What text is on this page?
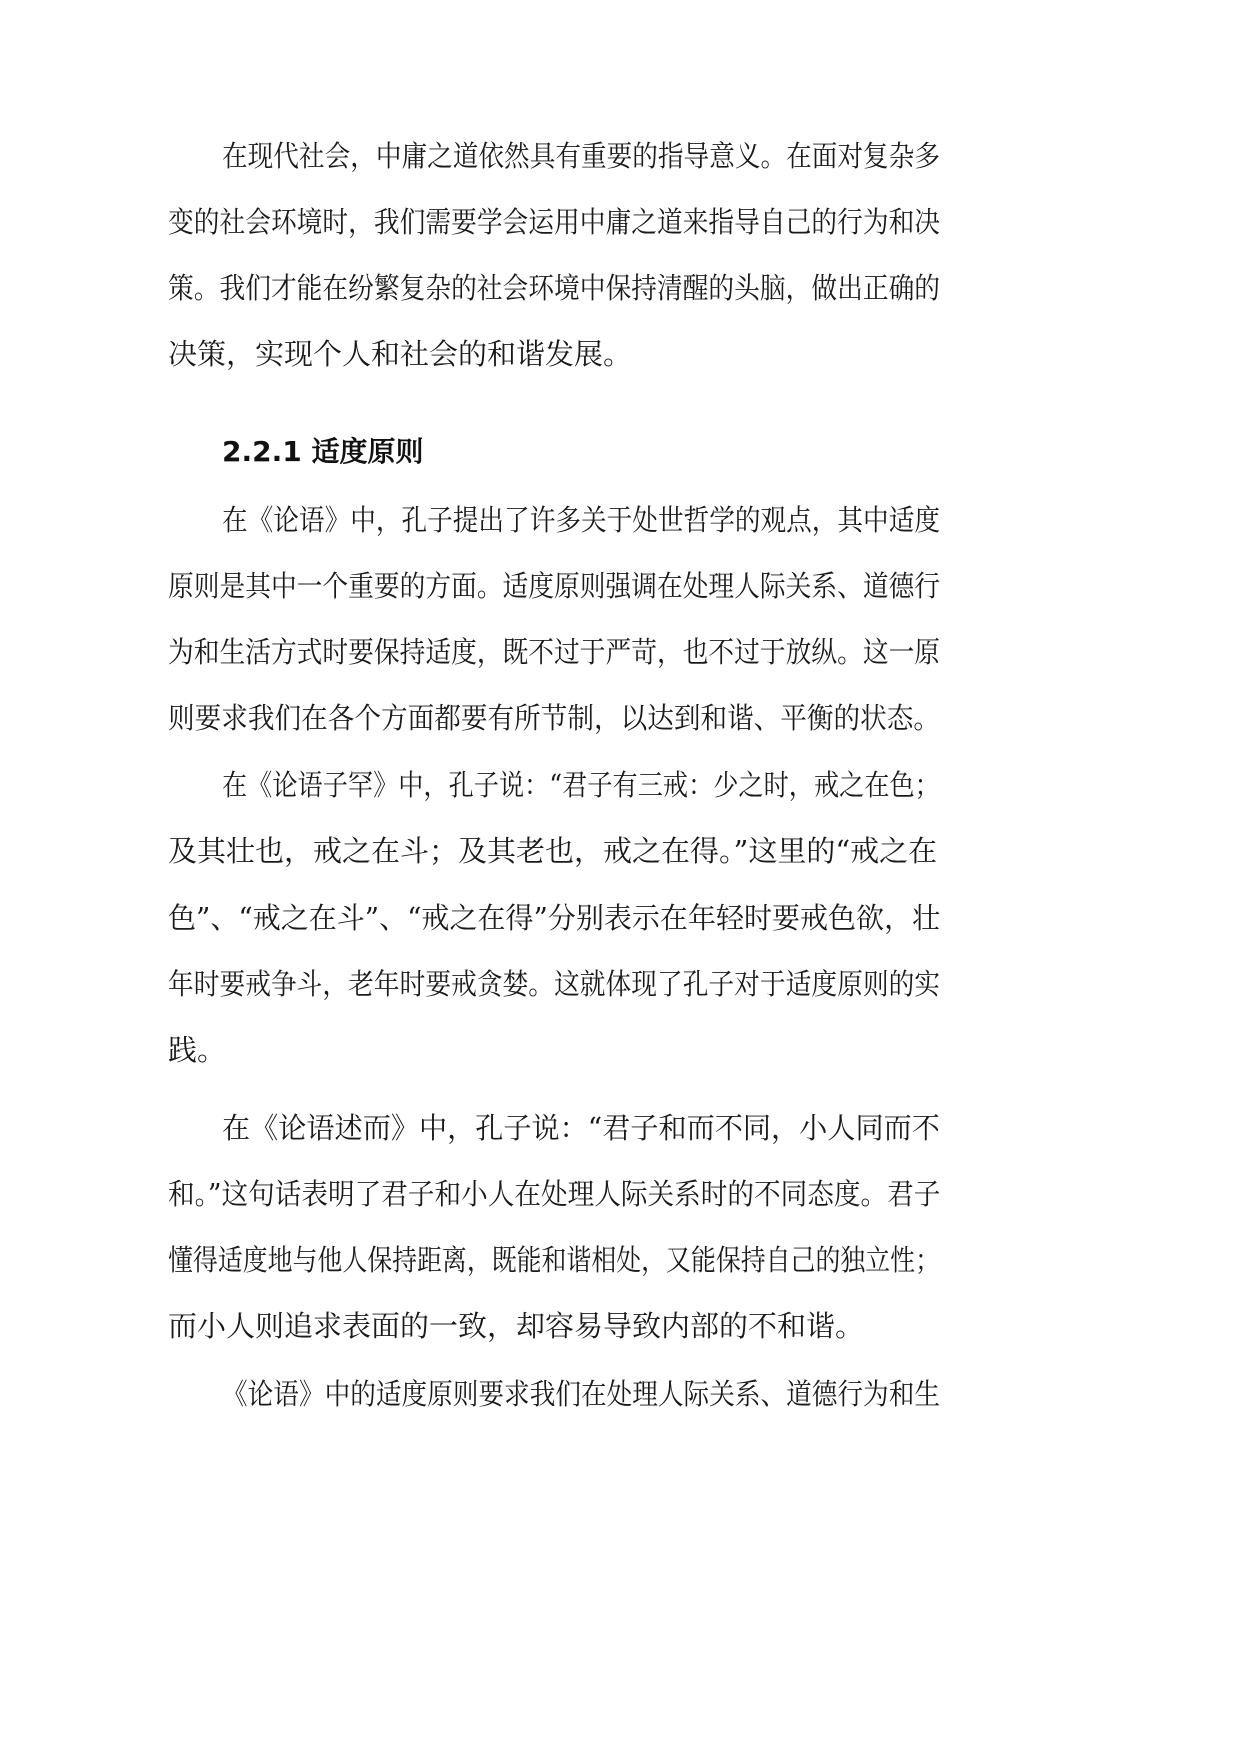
在现代社会，中庸之道依然具有重要的指导意义。在面对复杂多
变的社会环境时，我们需要学会运用中庸之道来指导自己的行为和决
策。我们才能在纷繁复杂的社会环境中保持清醒的头脑，做出正确的
决策，实现个人和社会的和谐发展。
2.2.1 适度原则
在《论语》中，孔子提出了许多关于处世哲学的观点，其中适度
原则是其中一个重要的方面。适度原则强调在处理人际关系、道德行
为和生活方式时要保持适度，既不过于严苛，也不过于放纵。这一原
则要求我们在各个方面都要有所节制，以达到和谐、平衡的状态。
在《论语子罕》中，孔子说：“君子有三戒：少之时，戒之在色；
及其壮也，戒之在斗；及其老也，戒之在得。”这里的“戒之在
色”、“戒之在斗”、“戒之在得”分别表示在年轻时要戒色欲，壮
年时要戒争斗，老年时要戒贪婪。这就体现了孔子对于适度原则的实
践。
在《论语述而》中，孔子说：“君子和而不同，小人同而不
和。”这句话表明了君子和小人在处理人际关系时的不同态度。君子
懂得适度地与他人保持距离，既能和谐相处，又能保持自己的独立性；
而小人则追求表面的一致，却容易导致内部的不和谐。
《论语》中的适度原则要求我们在处理人际关系、道德行为和生
